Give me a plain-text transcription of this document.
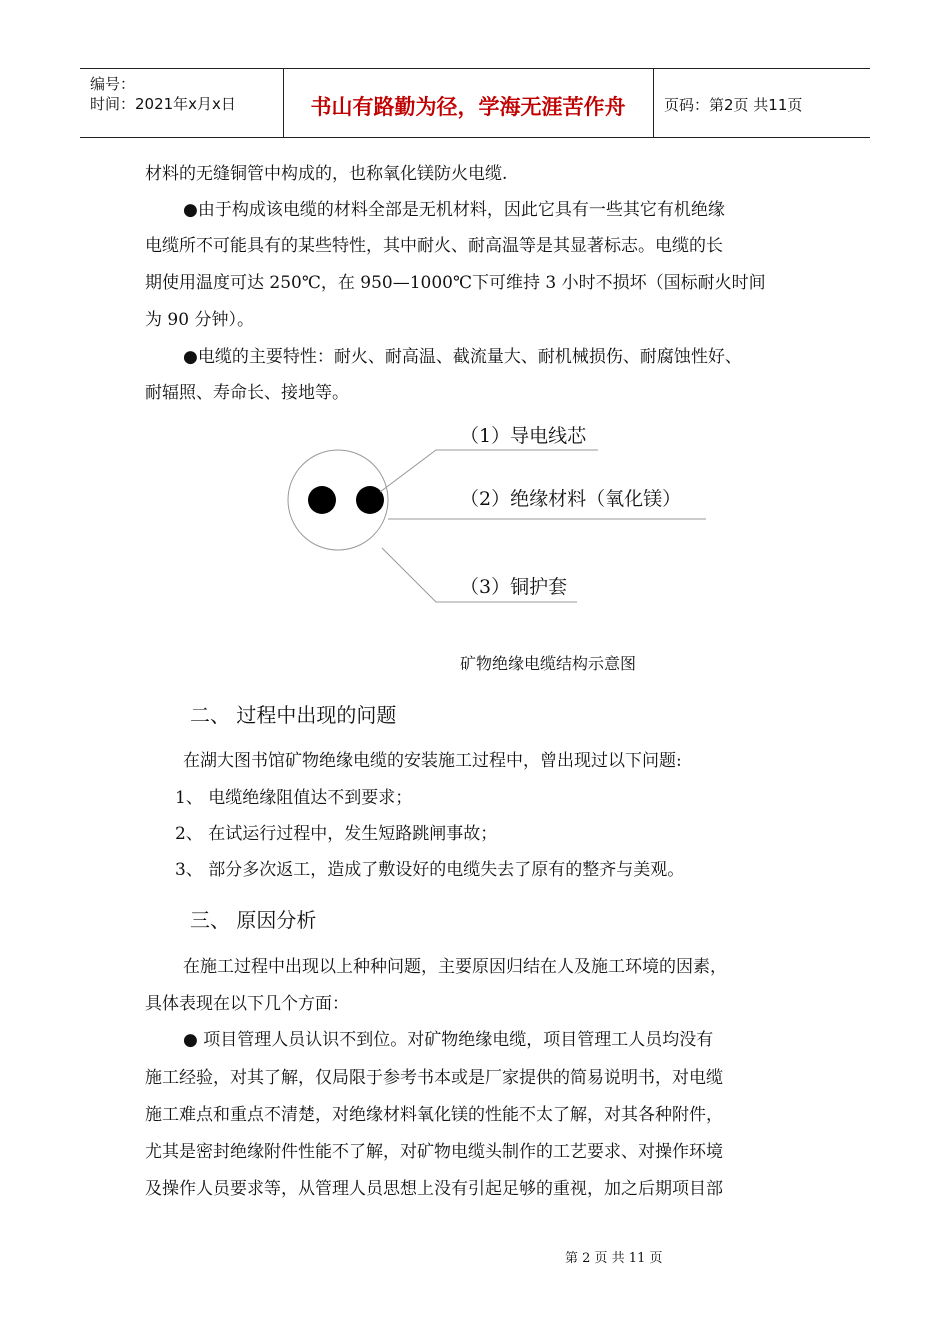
编号：
时间：2021年x月x日	书山有路勤为径，学海无涯苦作舟	页码：第2页 共11页
材料的无缝铜管中构成的，也称氧化镁防火电缆.
●由于构成该电缆的材料全部是无机材料，因此它具有一些其它有机绝缘
电缆所不可能具有的某些特性，其中耐火、耐高温等是其显著标志。电缆的长
期使用温度可达 250℃，在 950—1000℃下可维持 3 小时不损坏（国标耐火时间
为 90 分钟）。
●电缆的主要特性：耐火、耐高温、截流量大、耐机械损伤、耐腐蚀性好、
耐辐照、寿命长、接地等。
（1）导电线芯
（2）绝缘材料（氧化镁）
（3）铜护套
矿物绝缘电缆结构示意图
二、 过程中出现的问题
在湖大图书馆矿物绝缘电缆的安装施工过程中，曾出现过以下问题:
1、 电缆绝缘阻值达不到要求；
2、 在试运行过程中，发生短路跳闸事故；
3、 部分多次返工，造成了敷设好的电缆失去了原有的整齐与美观。
三、 原因分析
在施工过程中出现以上种种问题，主要原因归结在人及施工环境的因素，
具体表现在以下几个方面：
● 项目管理人员认识不到位。对矿物绝缘电缆，项目管理工人员均没有
施工经验，对其了解，仅局限于参考书本或是厂家提供的简易说明书，对电缆
施工难点和重点不清楚，对绝缘材料氧化镁的性能不太了解，对其各种附件，
尤其是密封绝缘附件性能不了解，对矿物电缆头制作的工艺要求、对操作环境
及操作人员要求等，从管理人员思想上没有引起足够的重视，加之后期项目部
第 2 页 共 11 页
